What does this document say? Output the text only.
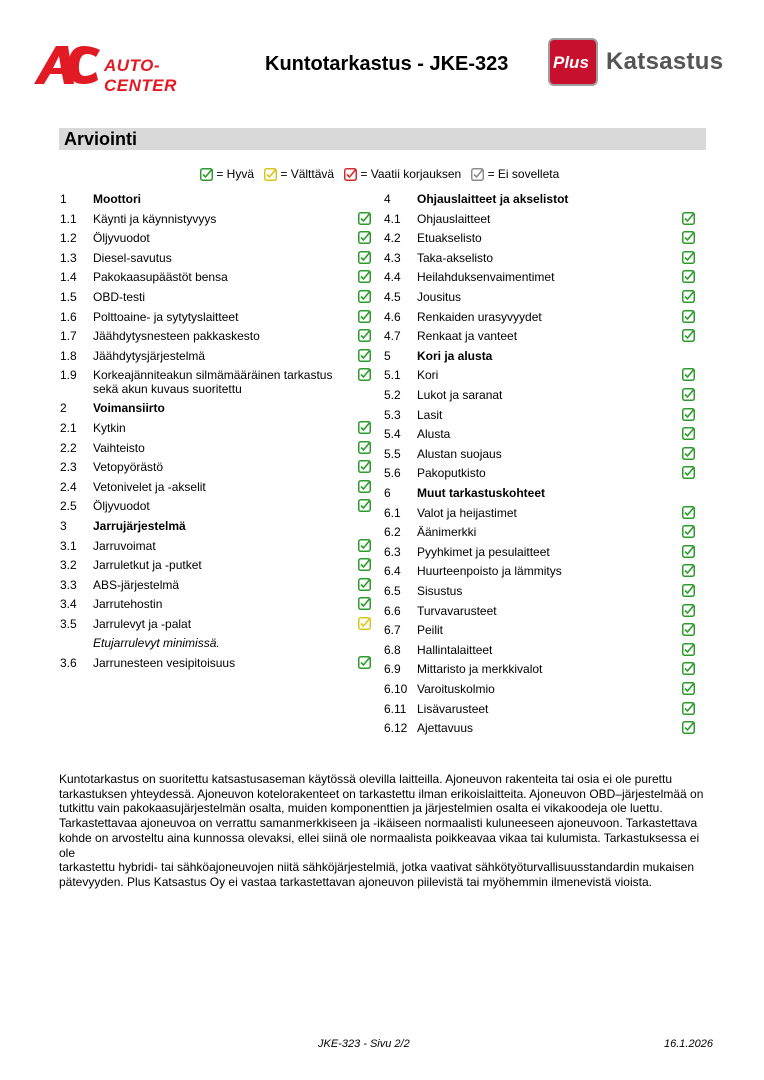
AUTO-CENTER
Kuntotarkastus - JKE-323	Plus Katsastus
Arviointi
= Hyvä = Välttävä = Vaatii korjauksen = Ei sovelleta
1 Moottori
1.1 Käynti ja käynnistyvyys
1.2 Öljyvuodot
1.3 Diesel-savutus
1.4 Pakokaasupäästöt bensa
1.5 OBD-testi
1.6 Polttoaine- ja sytytyslaitteet
1.7 Jäähdytysnesteen pakkaskesto
1.8 Jäähdytysjärjestelmä
1.9 Korkeajänniteakun silmämääräinen tarkastus
sekä akun kuvaus suoritettu
2 Voimansiirto
2.1 Kytkin
2.2 Vaihteisto
2.3 Vetopyörästö
2.4 Vetonivelet ja -akselit
2.5 Öljyvuodot
3 Jarrujärjestelmä
3.1 Jarruvoimat
3.2 Jarruletkut ja -putket
3.3 ABS-järjestelmä
3.4 Jarrutehostin
3.5 Jarrulevyt ja -palat
Etujarrulevyt minimissä.
3.6 Jarrunesteen vesipitoisuus
4 Ohjauslaitteet ja akselistot
4.1 Ohjauslaitteet
4.2 Etuakselisto
4.3 Taka-akselisto
4.4 Heilahduksenvaimentimet
4.5 Jousitus
4.6 Renkaiden urasyvyydet
4.7 Renkaat ja vanteet
5 Kori ja alusta
5.1 Kori
5.2 Lukot ja saranat
5.3 Lasit
5.4 Alusta
5.5 Alustan suojaus
5.6 Pakoputkisto
6 Muut tarkastuskohteet
6.1 Valot ja heijastimet
6.2 Äänimerkki
6.3 Pyyhkimet ja pesulaitteet
6.4 Huurteenpoisto ja lämmitys
6.5 Sisustus
6.6 Turvavarusteet
6.7 Peilit
6.8 Hallintalaitteet
6.9 Mittaristo ja merkkivalot
6.10 Varoituskolmio
6.11 Lisävarusteet
6.12 Ajettavuus
Kuntotarkastus on suoritettu katsastusaseman käytössä olevilla laitteilla. Ajoneuvon rakenteita tai osia ei ole purettu
tarkastuksen yhteydessä. Ajoneuvon kotelorakenteet on tarkastettu ilman erikoislaitteita. Ajoneuvon OBD–järjestelmää on
tutkittu vain pakokaasujärjestelmän osalta, muiden komponenttien ja järjestelmien osalta ei vikakoodeja ole luettu.
Tarkastettavaa ajoneuvoa on verrattu samanmerkkiseen ja -ikäiseen normaalisti kuluneeseen ajoneuvoon. Tarkastettava
kohde on arvosteltu aina kunnossa olevaksi, ellei siinä ole normaalista poikkeavaa vikaa tai kulumista. Tarkastuksessa ei ole
tarkastettu hybridi- tai sähköajoneuvojen niitä sähköjärjestelmiä, jotka vaativat sähkötyöturvallisuusstandardin mukaisen
pätevyyden. Plus Katsastus Oy ei vastaa tarkastettavan ajoneuvon piilevistä tai myöhemmin ilmenevistä vioista.
JKE-323 - Sivu 2/2	16.1.2026
